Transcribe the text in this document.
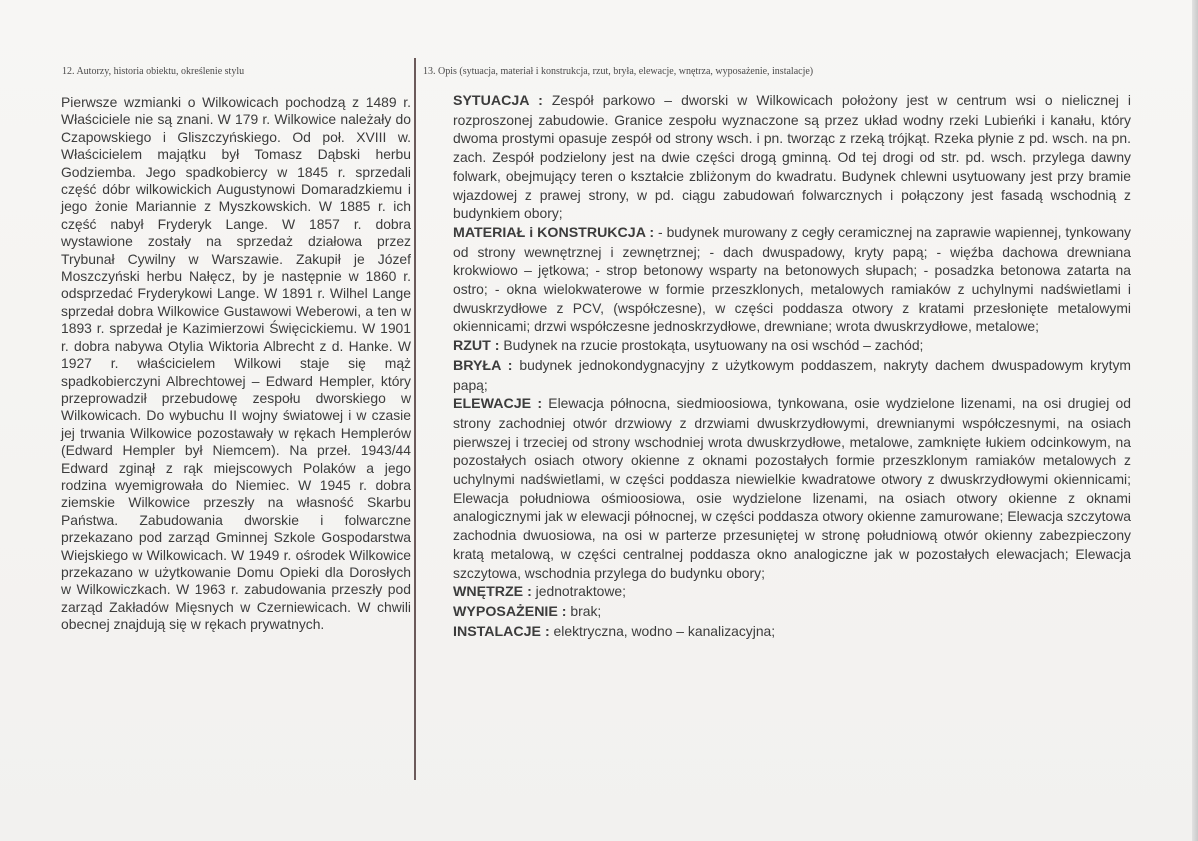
12. Autorzy, historia obiektu, określenie stylu	13. Opis (sytuacja, materiał i konstrukcja, rzut, bryła, elewacje, wnętrza, wyposażenie, instalacje)
Pierwsze wzmianki o Wilkowicach pochodzą z 1489 r. Właściciele nie są znani. W 179 r. Wilkowice należały do Czapowskiego i Gliszczyńskiego. Od poł. XVIII w. Właścicielem majątku był Tomasz Dąbski herbu Godziemba. Jego spadkobiercy w 1845 r. sprzedali część dóbr wilkowickich Augustynowi Domaradzkiemu i jego żonie Mariannie z Myszkowskich. W 1885 r. ich część nabył Fryderyk Lange. W 1857 r. dobra wystawione zostały na sprzedaż działowa przez Trybunał Cywilny w Warszawie. Zakupił je Józef Moszczyński herbu Nałęcz, by je następnie w 1860 r. odsprzedać Fryderykowi Lange. W 1891 r. Wilhel Lange sprzedał dobra Wilkowice Gustawowi Weberowi, a ten w 1893 r. sprzedał je Kazimierzowi Święcickiemu. W 1901 r. dobra nabywa Otylia Wiktoria Albrecht z d. Hanke. W 1927 r. właścicielem Wilkowi staje się mąż spadkobierczyni Albrechtowej – Edward Hempler, który przeprowadził przebudowę zespołu dworskiego w Wilkowicach. Do wybuchu II wojny światowej i w czasie jej trwania Wilkowice pozostawały w rękach Hemplerów (Edward Hempler był Niemcem). Na przeł. 1943/44 Edward zginął z rąk miejscowych Polaków a jego rodzina wyemigrowała do Niemiec. W 1945 r. dobra ziemskie Wilkowice przeszły na własność Skarbu Państwa. Zabudowania dworskie i folwarczne przekazano pod zarząd Gminnej Szkole Gospodarstwa Wiejskiego w Wilkowicach. W 1949 r. ośrodek Wilkowice przekazano w użytkowanie Domu Opieki dla Dorosłych w Wilkowiczkach. W 1963 r. zabudowania przeszły pod zarząd Zakładów Mięsnych w Czerniewicach. W chwili obecnej znajdują się w rękach prywatnych.

SYTUACJA : Zespół parkowo – dworski w Wilkowicach położony jest w centrum wsi o nielicznej i rozproszonej zabudowie. Granice zespołu wyznaczone są przez układ wodny rzeki Lubieńki i kanału, który dwoma prostymi opasuje zespół od strony wsch. i pn. tworząc z rzeką trójkąt. Rzeka płynie z pd. wsch. na pn. zach. Zespół podzielony jest na dwie części drogą gminną. Od tej drogi od str. pd. wsch. przylega dawny folwark, obejmujący teren o kształcie zbliżonym do kwadratu. Budynek chlewni usytuowany jest przy bramie wjazdowej z prawej strony, w pd. ciągu zabudowań folwarcznych i połączony jest fasadą wschodnią z budynkiem obory;

MATERIAŁ i KONSTRUKCJA : - budynek murowany z cegły ceramicznej na zaprawie wapiennej, tynkowany od strony wewnętrznej i zewnętrznej; - dach dwuspadowy, kryty papą; - więźba dachowa drewniana krokwiowo – jętkowa; - strop betonowy wsparty na betonowych słupach; - posadzka betonowa zatarta na ostro; - okna wielokwaterowe w formie przeszklonych, metalowych ramiaków z uchylnymi nadświetlami i dwuskrzydłowe z PCV, (współczesne), w części poddasza otwory z kratami przesłonięte metalowymi okiennicami; drzwi współczesne jednoskrzydłowe, drewniane; wrota dwuskrzydłowe, metalowe;

RZUT : Budynek na rzucie prostokąta, usytuowany na osi wschód – zachód;

BRYŁA : budynek jednokondygnacyjny z użytkowym poddaszem, nakryty dachem dwuspadowym krytym papą;

ELEWACJE : Elewacja północna, siedmioosiowa, tynkowana, osie wydzielone lizenami, na osi drugiej od strony zachodniej otwór drzwiowy z drzwiami dwuskrzydłowymi, drewnianymi współczesnymi, na osiach pierwszej i trzeciej od strony wschodniej wrota dwuskrzydłowe, metalowe, zamknięte łukiem odcinkowym, na pozostałych osiach otwory okienne z oknami pozostałych formie przeszklonym ramiaków metalowych z uchylnymi nadświetlami, w części poddasza niewielkie kwadratowe otwory z dwuskrzydłowymi okiennicami; Elewacja południowa ośmioosiowa, osie wydzielone lizenami, na osiach otwory okienne z oknami analogicznymi jak w elewacji północnej, w części poddasza otwory okienne zamurowane; Elewacja szczytowa zachodnia dwuosiowa, na osi w parterze przesuniętej w stronę południową otwór okienny zabezpieczony kratą metalową, w części centralnej poddasza okno analogiczne jak w pozostałych elewacjach; Elewacja szczytowa, wschodnia przylega do budynku obory;

WNĘTRZE : jednotraktowe;

WYPOSAŻENIE : brak;

INSTALACJE : elektryczna, wodno – kanalizacyjna;
